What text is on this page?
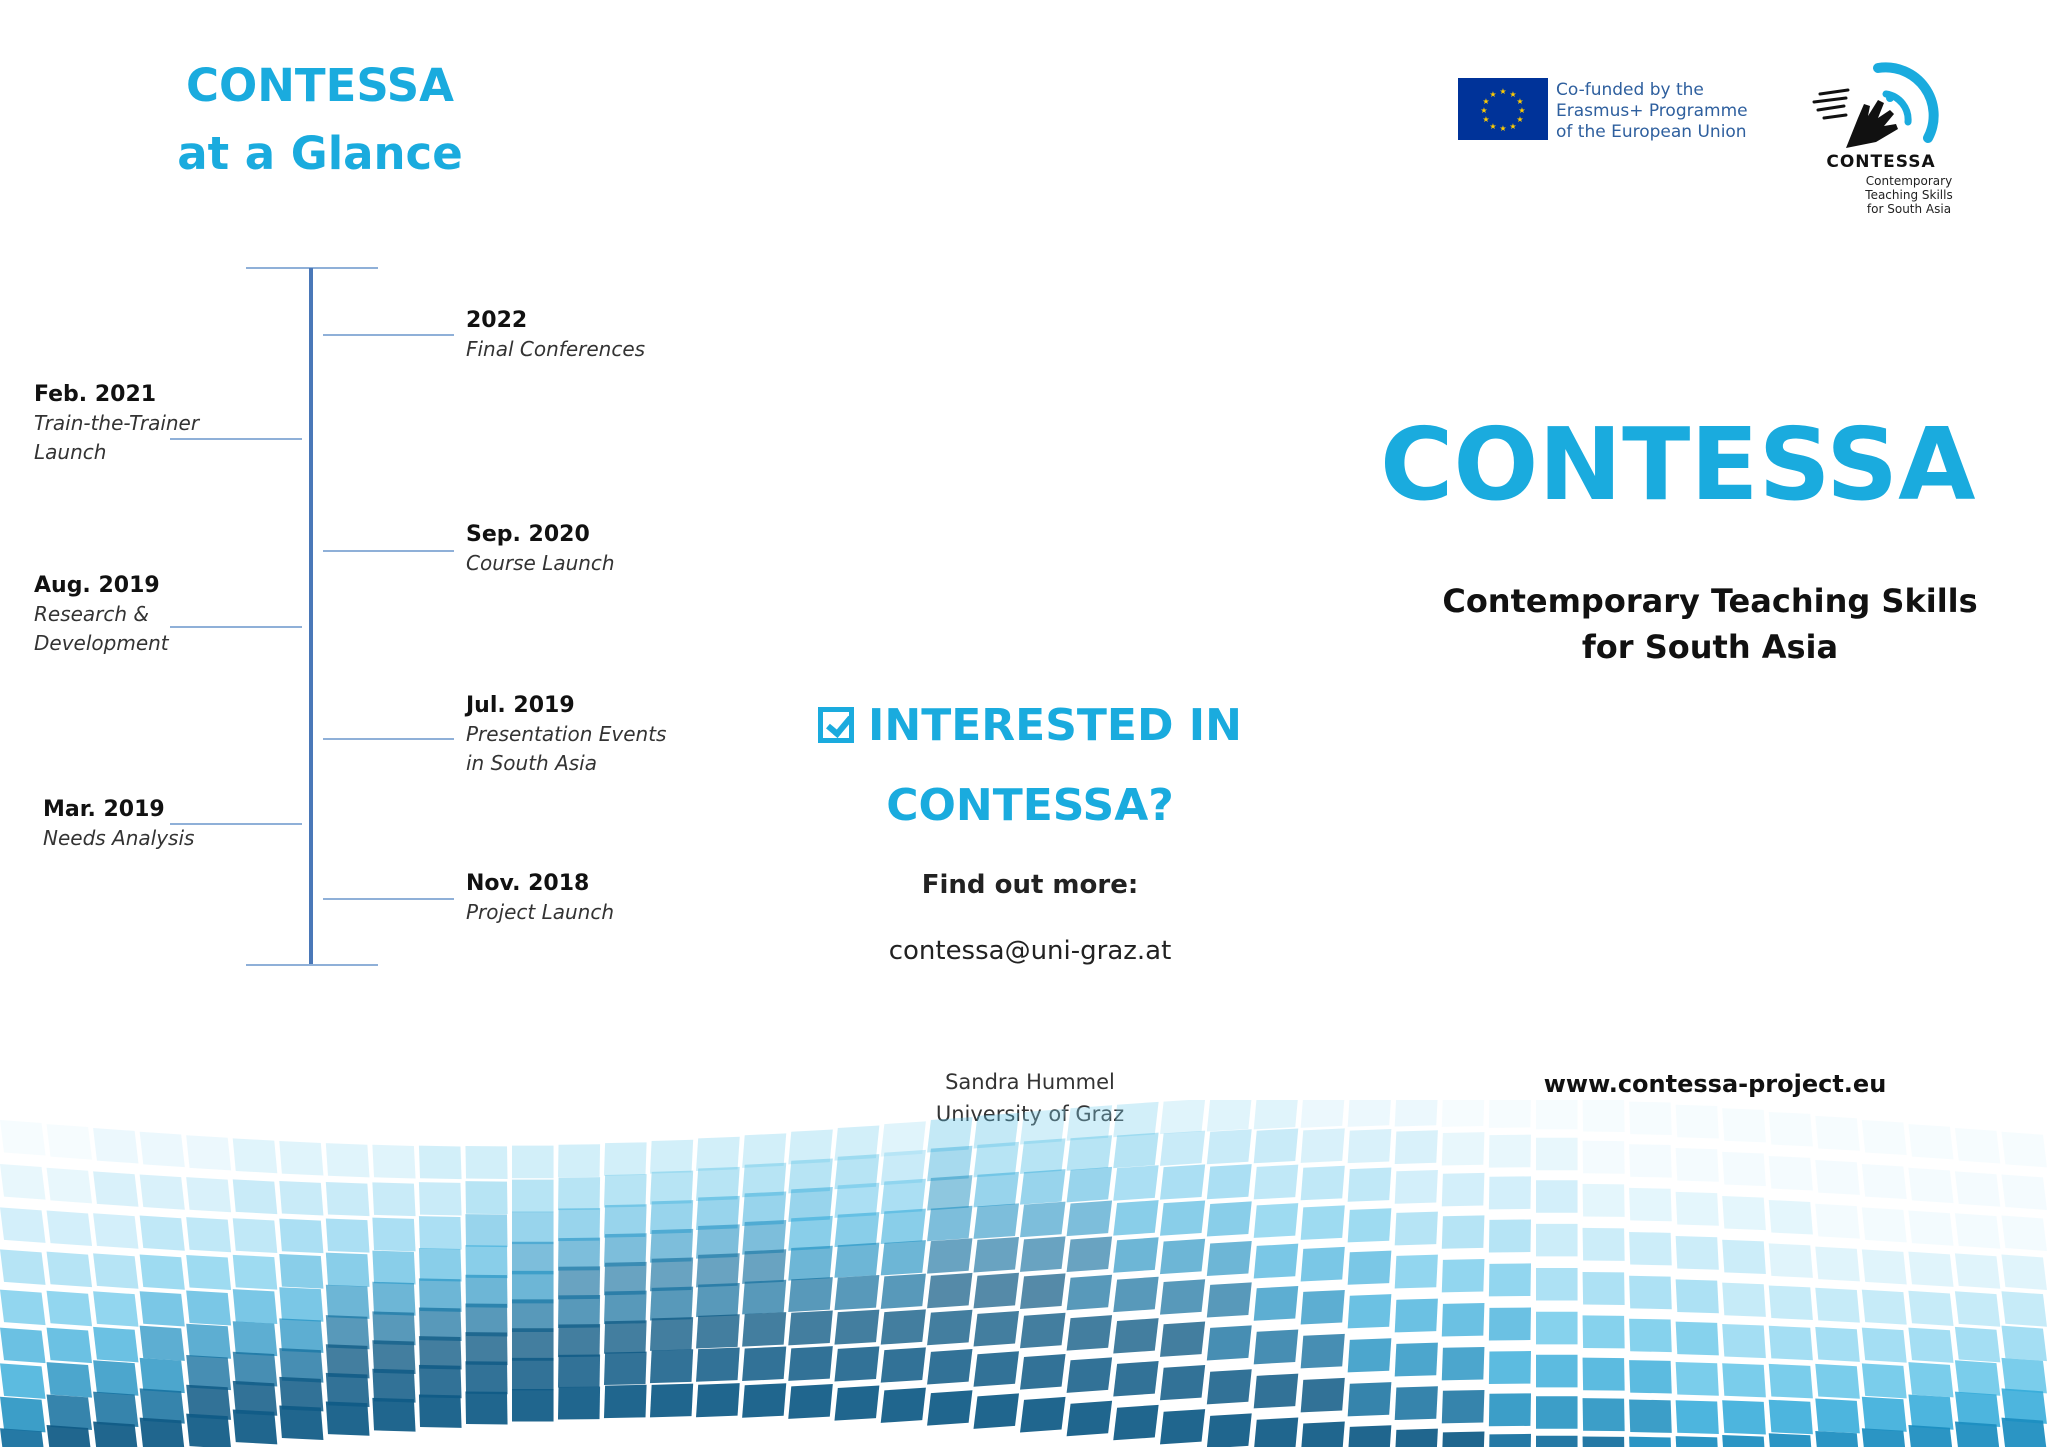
CONTESSA
at a Glance
2022
Final Conferences
Feb. 2021
Train-the-Trainer
Launch
Sep. 2020
Course Launch
Aug. 2019
Research &
Development
Jul. 2019
Presentation Events
in South Asia
Mar. 2019
Needs Analysis
Nov. 2018
Project Launch
INTERESTED IN
CONTESSA?
Find out more:
contessa@uni-graz.at
Sandra Hummel
University of Graz
★ ★
★
★
★
★
★
★
★
★
★
★	Co-funded by the
Erasmus+ Programme
of the European Union
CONTESSA
Contemporary
Teaching Skills
for South Asia
CONTESSA
Contemporary Teaching Skills
for South Asia
www.contessa-project.eu
